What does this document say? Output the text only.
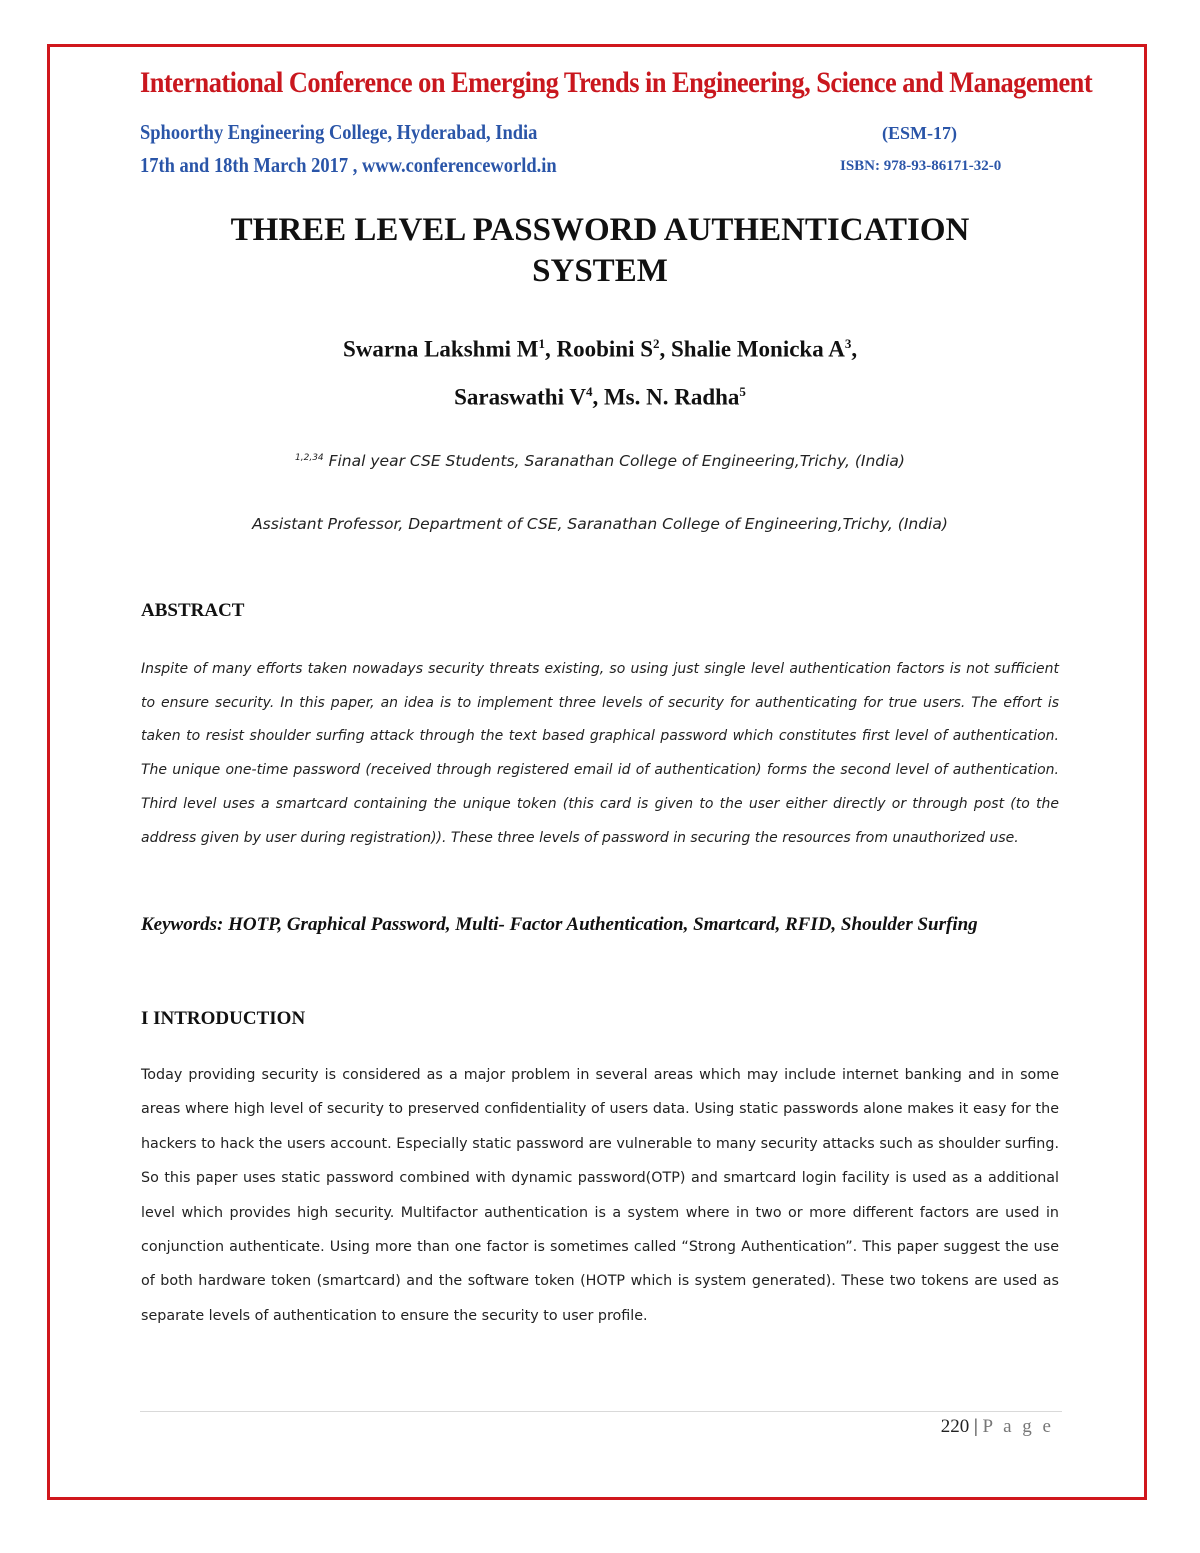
International Conference on Emerging Trends in Engineering, Science and Management
Sphoorthy Engineering College, Hyderabad, India
17th and 18th March 2017 , www.conferenceworld.in
(ESM-17)
ISBN: 978-93-86171-32-0
THREE LEVEL PASSWORD AUTHENTICATION
SYSTEM
Swarna Lakshmi $M^1$, Roobini $S^2$, Shalie Monicka $A^3$,
Saraswathi $V^4$, Ms. N. Radha$^5$
$^{1,2,34}$ Final year CSE Students, Saranathan College of Engineering,Trichy, (India)
Assistant Professor, Department of CSE, Saranathan College of Engineering,Trichy, (India)
ABSTRACT
Inspite of many efforts taken nowadays security threats existing, so using just single level authentication factors is not sufficient to ensure security. In this paper, an idea is to implement three levels of security for authenticating for true users. The effort is taken to resist shoulder surfing attack through the text based graphical password which constitutes first level of authentication. The unique one-time password (received through registered email id of authentication) forms the second level of authentication. Third level uses a smartcard containing the unique token (this card is given to the user either directly or through post (to the address given by user during registration)). These three levels of password in securing the resources from unauthorized use.
Keywords: HOTP, Graphical Password, Multi- Factor Authentication, Smartcard, RFID, Shoulder Surfing
I INTRODUCTION
Today providing security is considered as a major problem in several areas which may include internet banking and in some areas where high level of security to preserved confidentiality of users data. Using static passwords alone makes it easy for the hackers to hack the users account. Especially static password are vulnerable to many security attacks such as shoulder surfing. So this paper uses static password combined with dynamic password(OTP) and smartcard login facility is used as a additional level which provides high security. Multifactor authentication is a system where in two or more different factors are used in conjunction authenticate. Using more than one factor is sometimes called “Strong Authentication”. This paper suggest the use of both hardware token (smartcard) and the software token (HOTP which is system generated). These two tokens are used as separate levels of authentication to ensure the security to user profile.
220 | P a g e
